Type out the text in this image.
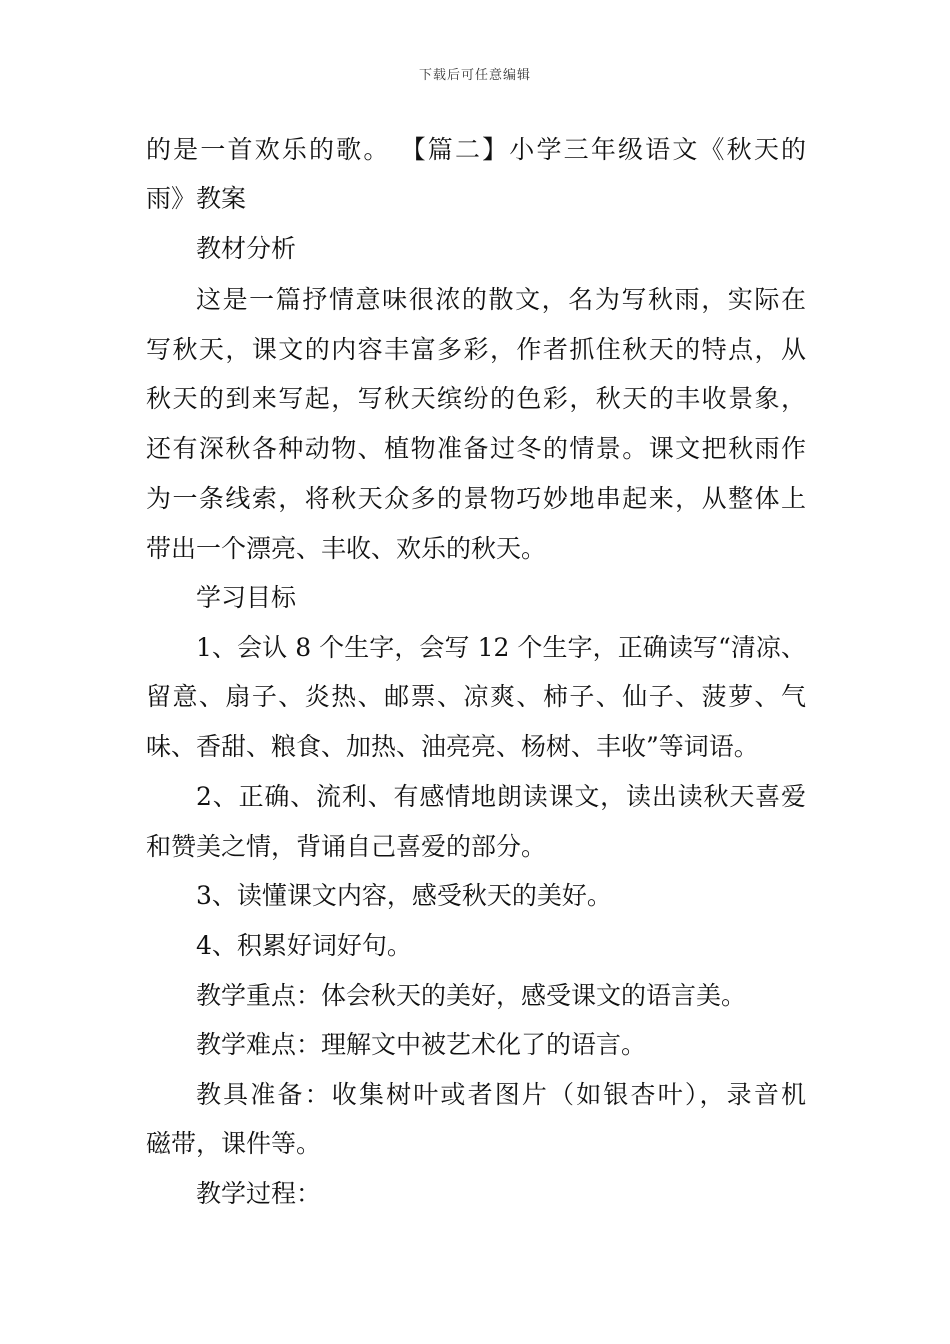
下载后可任意编辑
的是一首欢乐的歌。 【篇二】小学三年级语文《秋天的
雨》教案
教材分析
这是一篇抒情意味很浓的散文，名为写秋雨，实际在
写秋天，课文的内容丰富多彩，作者抓住秋天的特点，从
秋天的到来写起，写秋天缤纷的色彩，秋天的丰收景象，
还有深秋各种动物、植物准备过冬的情景。课文把秋雨作
为一条线索，将秋天众多的景物巧妙地串起来，从整体上
带出一个漂亮、丰收、欢乐的秋天。
学习目标
1、会认 8 个生字，会写 12 个生字，正确读写“清凉、
留意、扇子、炎热、邮票、凉爽、柿子、仙子、菠萝、气
味、香甜、粮食、加热、油亮亮、杨树、丰收”等词语。
2、正确、流利、有感情地朗读课文，读出读秋天喜爱
和赞美之情，背诵自己喜爱的部分。
3、读懂课文内容，感受秋天的美好。
4、积累好词好句。
教学重点：体会秋天的美好，感受课文的语言美。
教学难点：理解文中被艺术化了的语言。
教具准备：收集树叶或者图片（如银杏叶），录音机
磁带，课件等。
教学过程：
